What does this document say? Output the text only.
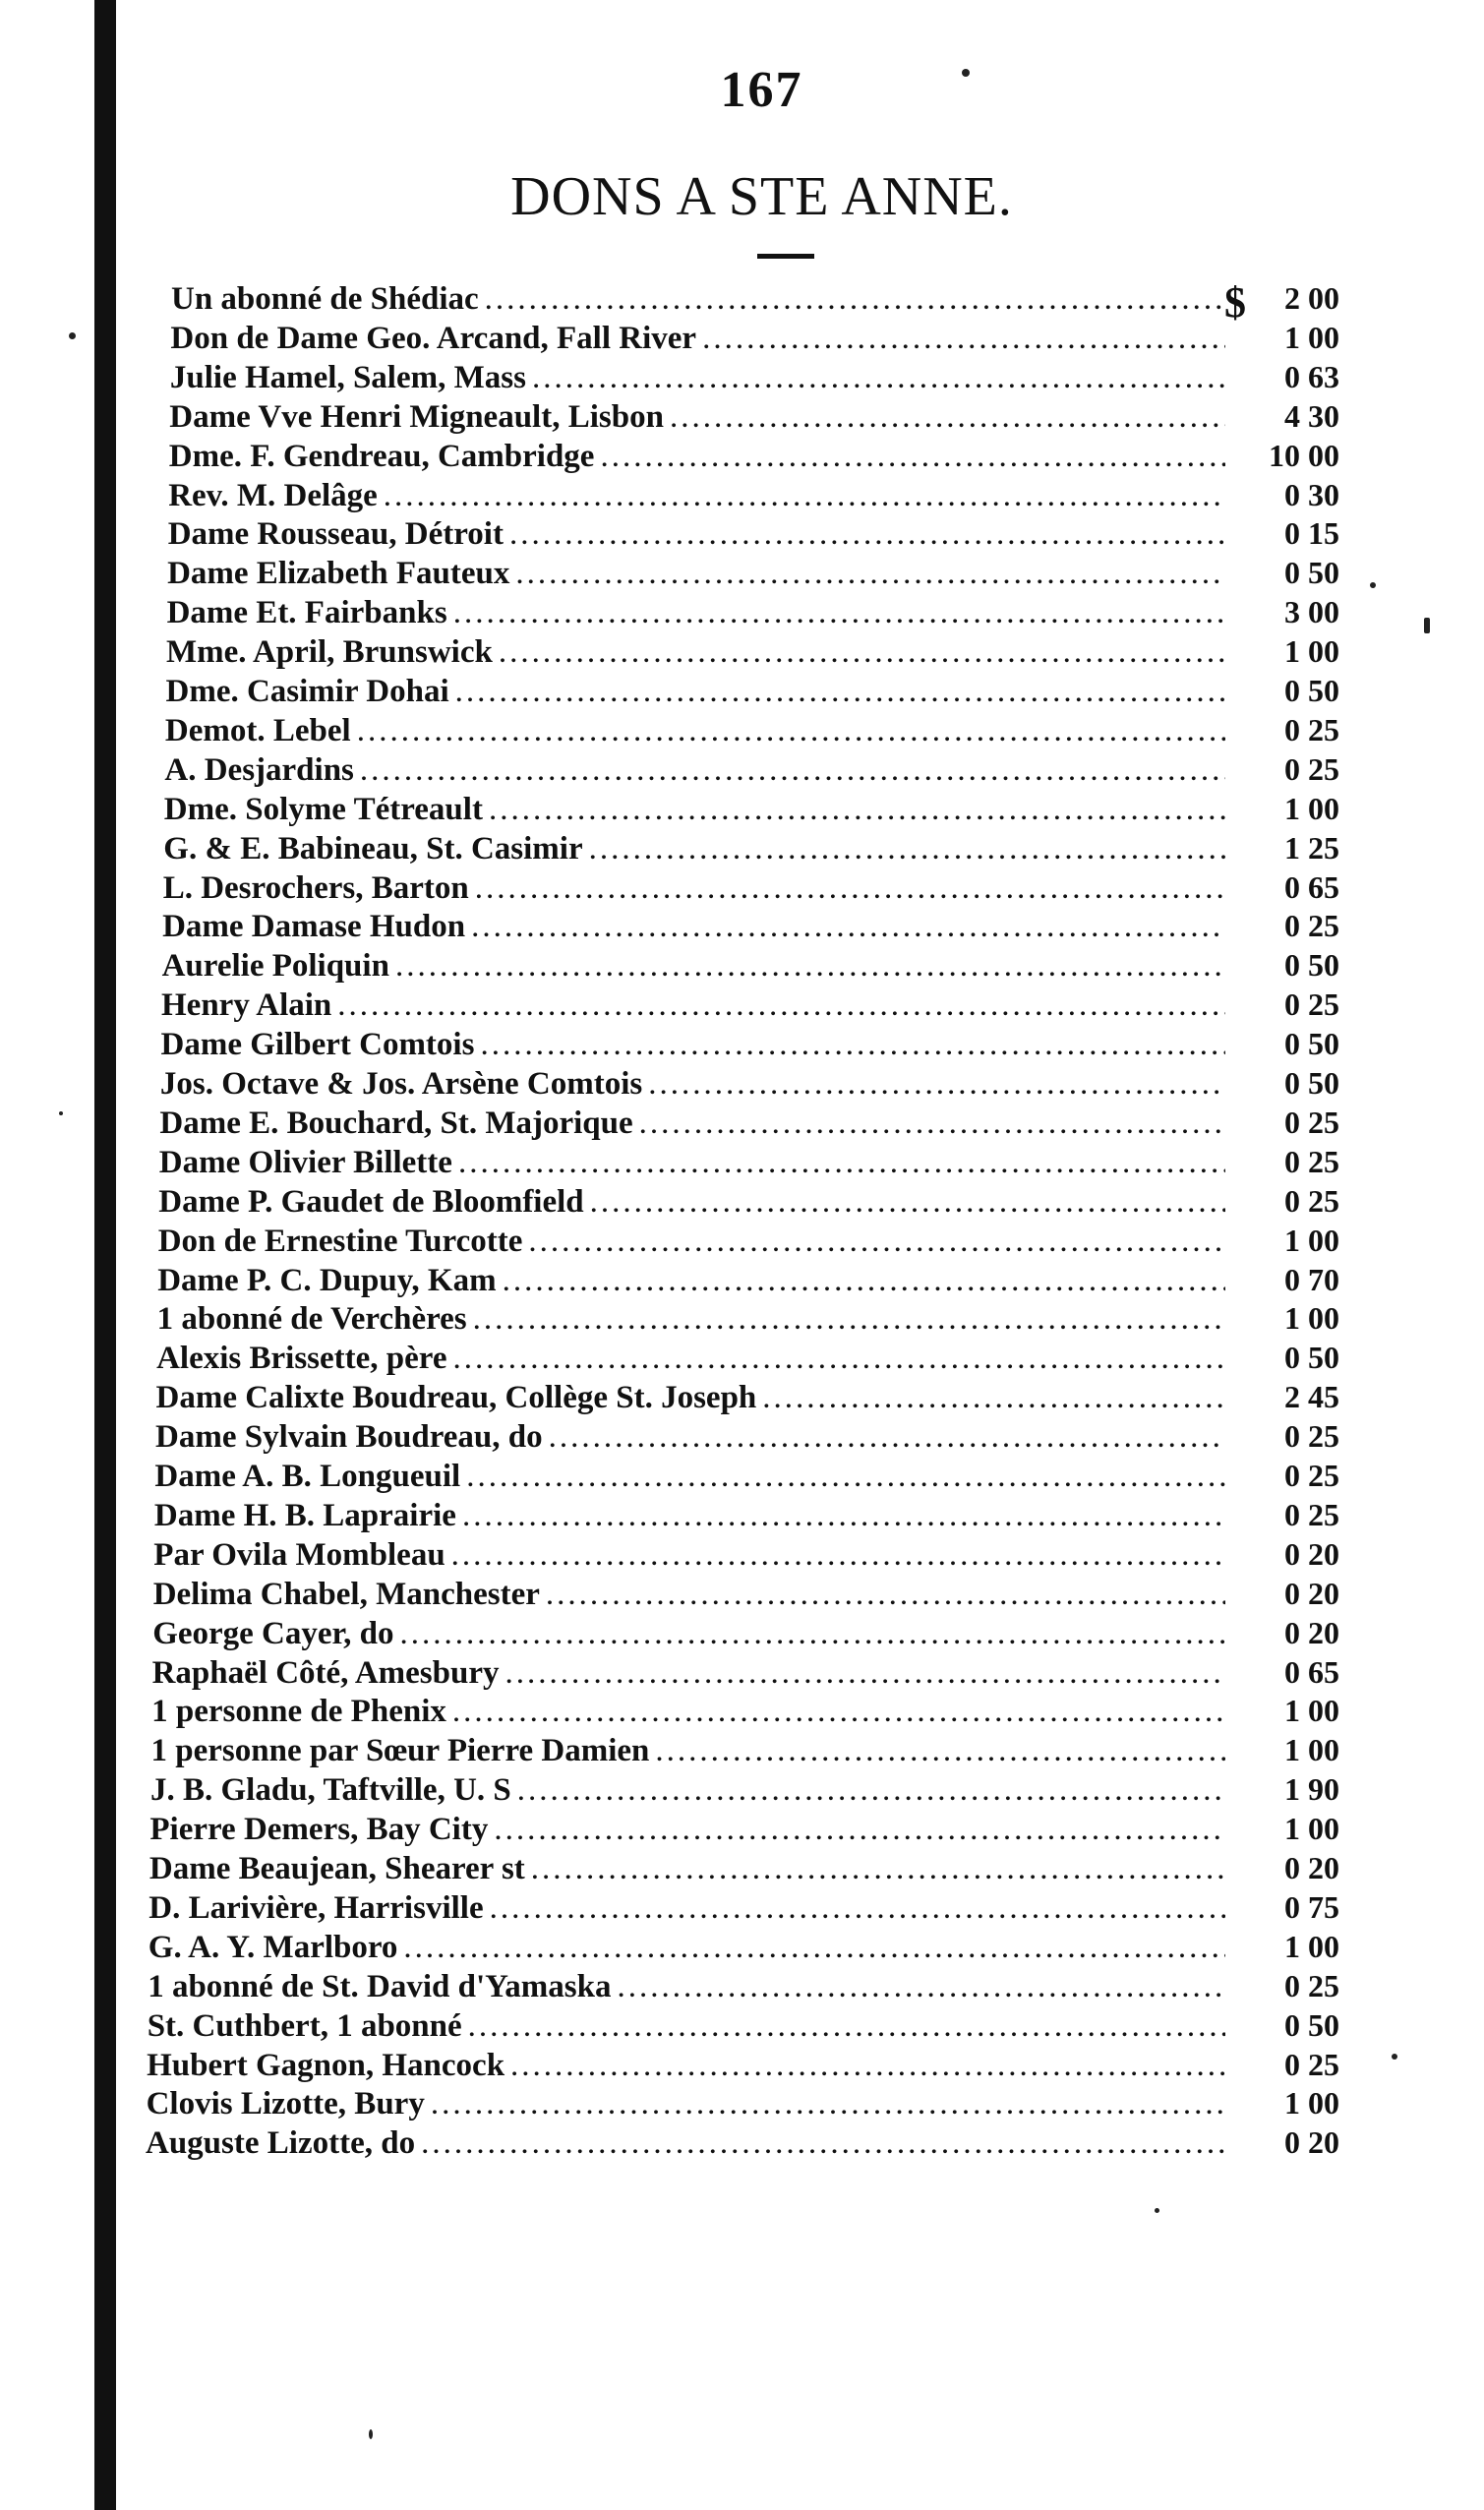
167
DONS A STE ANNE.
$
Un abonné de Shédiac .....	2 00
Don de Dame Geo. Arcand, Fall River .....	1 00
Julie Hamel, Salem, Mass .....	0 63
Dame Vve Henri Migneault, Lisbon .....	4 30
Dme. F. Gendreau, Cambridge .....	10 00
Rev. M. Delâge .....	0 30
Dame Rousseau, Détroit .....	0 15
Dame Elizabeth Fauteux .....	0 50
Dame Et. Fairbanks .....	3 00
Mme. April, Brunswick .....	1 00
Dme. Casimir Dohai .....	0 50
Demot. Lebel .....	0 25
A. Desjardins .....	0 25
Dme. Solyme Tétreault .....	1 00
G. & E. Babineau, St. Casimir .....	1 25
L. Desrochers, Barton .....	0 65
Dame Damase Hudon .....	0 25
Aurelie Poliquin .....	0 50
Henry Alain .....	0 25
Dame Gilbert Comtois .....	0 50
Jos. Octave & Jos. Arsène Comtois .....	0 50
Dame E. Bouchard, St. Majorique .....	0 25
Dame Olivier Billette .....	0 25
Dame P. Gaudet de Bloomfield .....	0 25
Don de Ernestine Turcotte .....	1 00
Dame P. C. Dupuy, Kam .....	0 70
1 abonné de Verchères .....	1 00
Alexis Brissette, père .....	0 50
Dame Calixte Boudreau, Collège St. Joseph .....	2 45
Dame Sylvain Boudreau, do .....	0 25
Dame A. B. Longueuil .....	0 25
Dame H. B. Laprairie .....	0 25
Par Ovila Mombleau .....	0 20
Delima Chabel, Manchester .....	0 20
George Cayer, do .....	0 20
Raphaël Côté, Amesbury .....	0 65
1 personne de Phenix .....	1 00
1 personne par Sœur Pierre Damien .....	1 00
J. B. Gladu, Taftville, U. S .....	1 90
Pierre Demers, Bay City .....	1 00
Dame Beaujean, Shearer st .....	0 20
D. Larivière, Harrisville .....	0 75
G. A. Y. Marlboro .....	1 00
1 abonné de St. David d'Yamaska .....	0 25
St. Cuthbert, 1 abonné .....	0 50
Hubert Gagnon, Hancock .....	0 25
Clovis Lizotte, Bury .....	1 00
Auguste Lizotte, do .....	0 20
